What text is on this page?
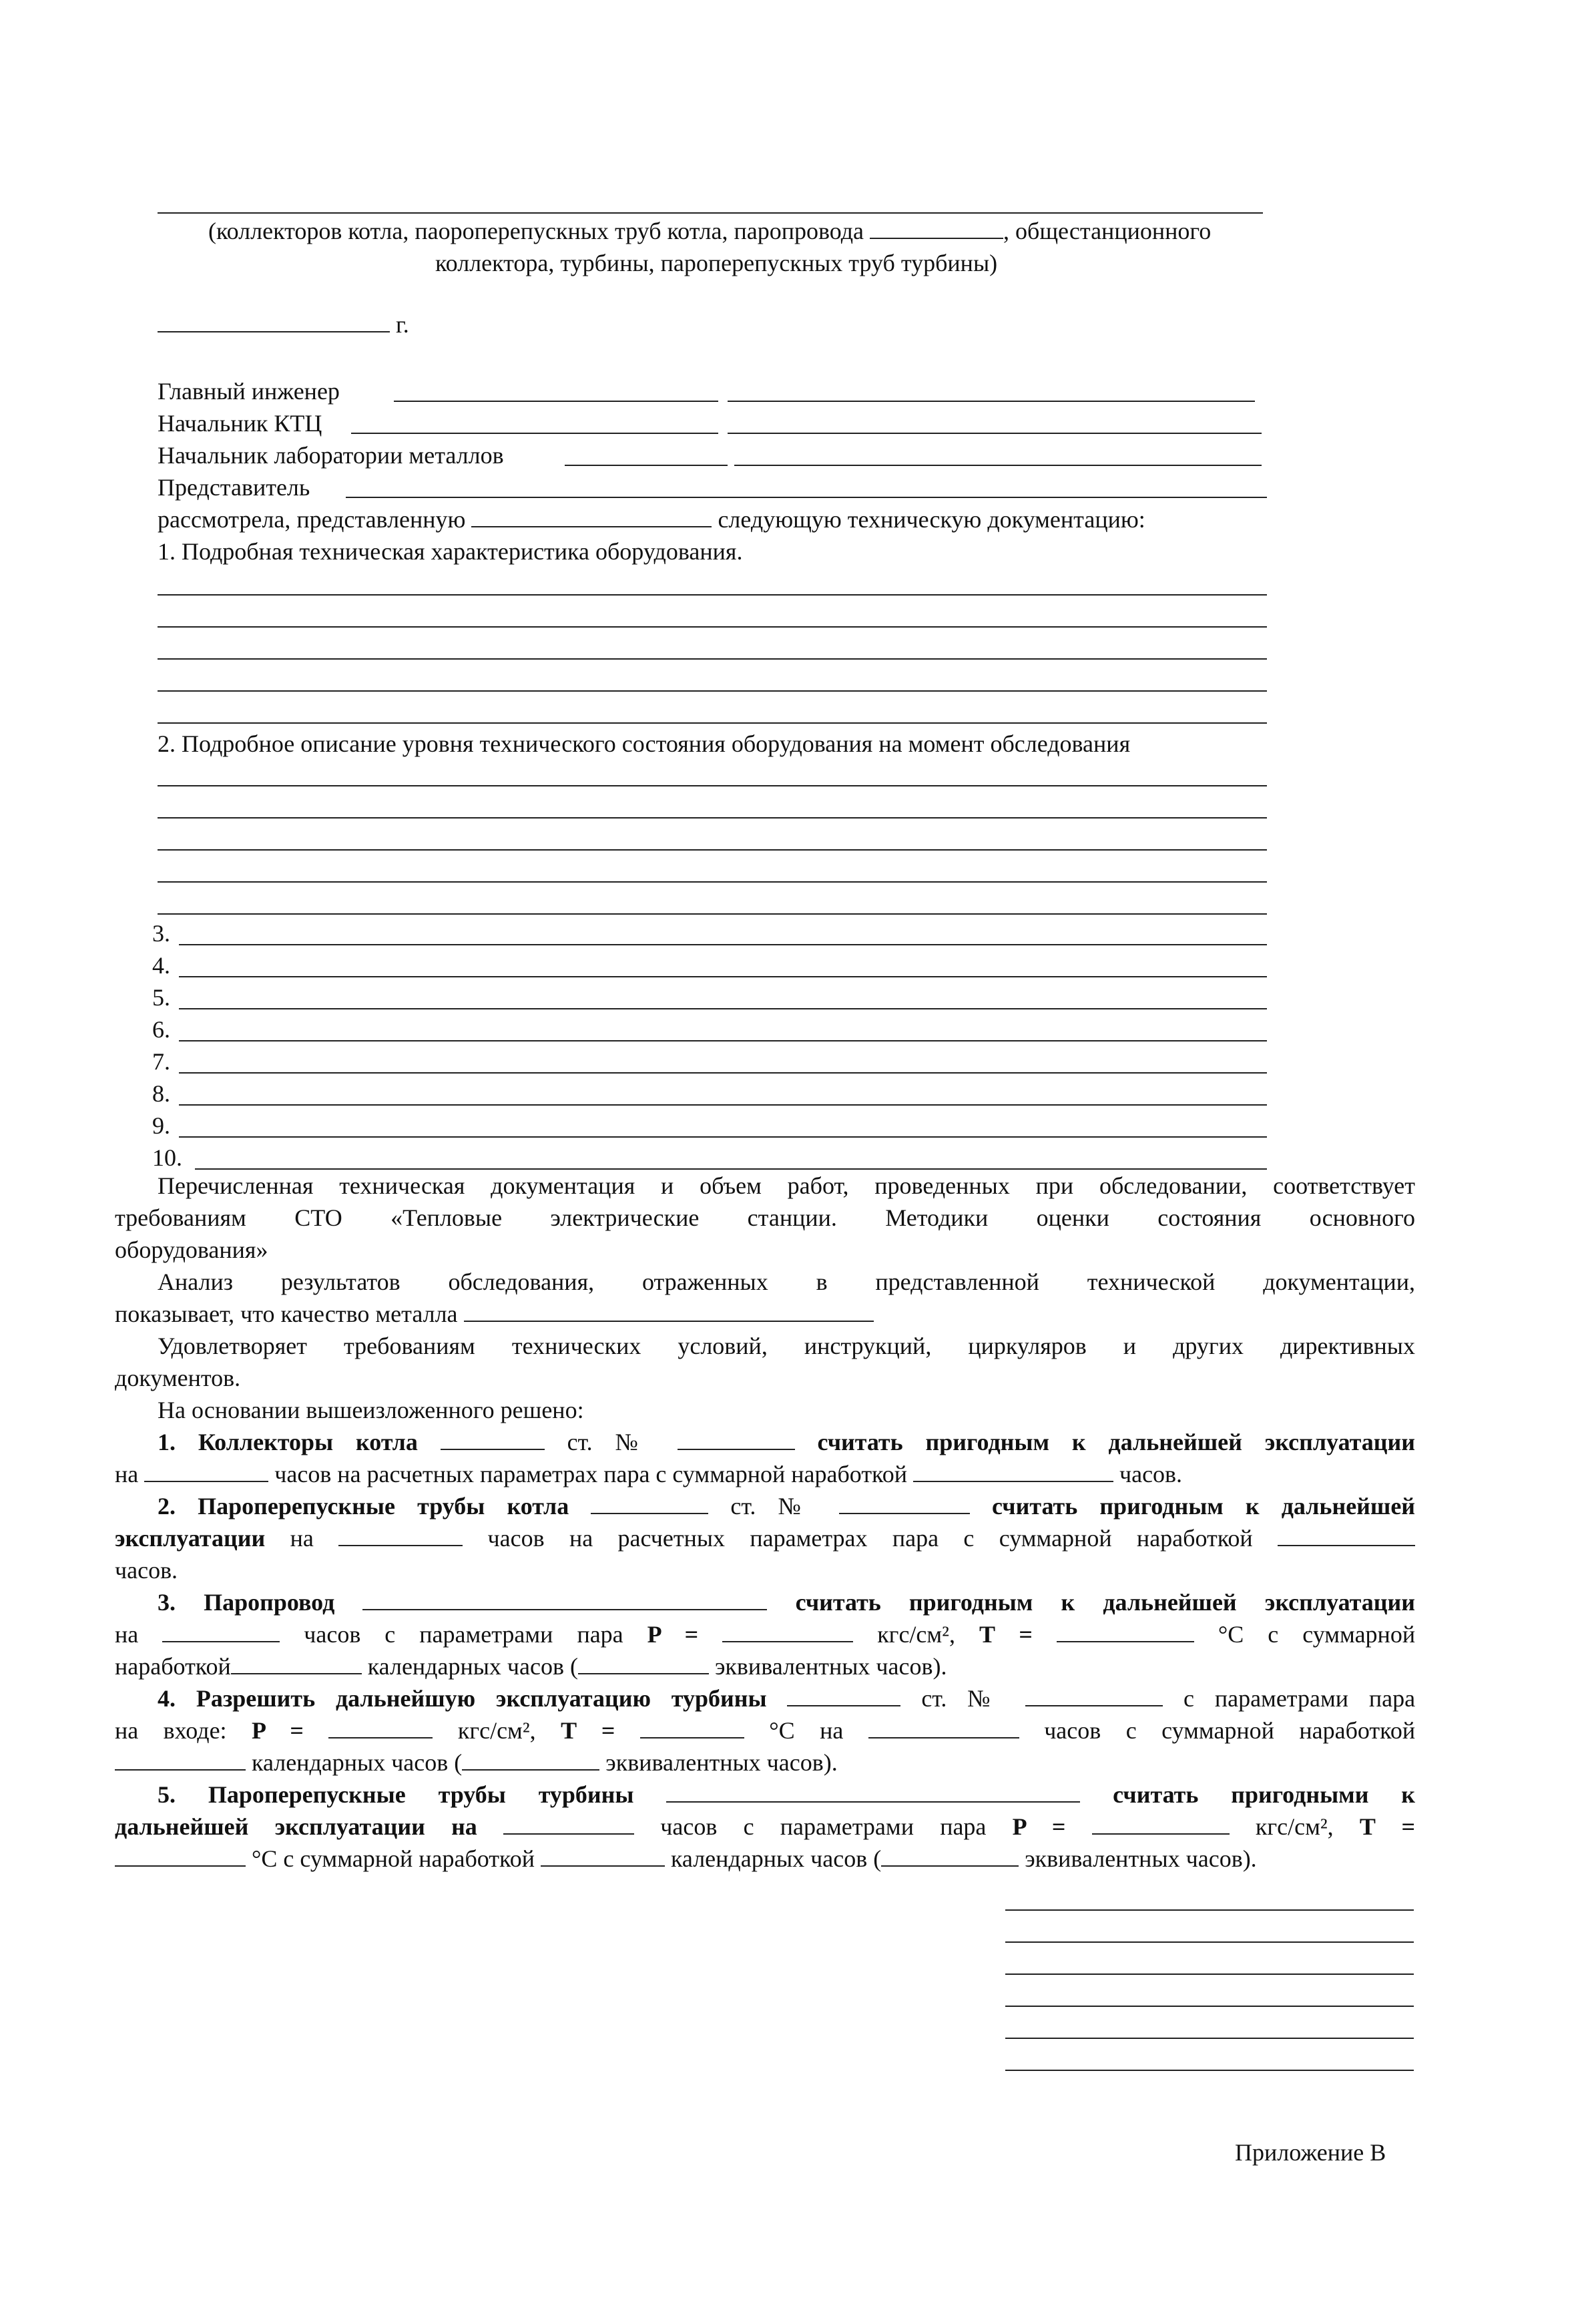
(коллекторов котла, паороперепускных труб котла, паропровода	, общестанционного
коллектора, турбины, пароперепускных труб турбины)
г.
Главный инженер
Начальник КТЦ
Начальник лаборатории металлов
Представитель
рассмотрела, представленную	следующую техническую документацию:
1. Подробная техническая характеристика оборудования.
2. Подробное описание уровня технического состояния оборудования на момент обследования
3.
4.
5.
6.
7.
8.
9.
10.
Перечисленная техническая документация и объем работ, проведенных при обследовании, соответствует
требованиям СТО «Тепловые электрические станции. Методики оценки состояния основного
оборудования»
Анализ результатов обследования, отраженных в представленной технической документации,
показывает, что качество металла
Удовлетворяет требованиям технических условий, инструкций, циркуляров и других директивных
документов.
На основании вышеизложенного решено:
1. Коллекторы котла	ст. №	считать пригодным к дальнейшей эксплуатации
на	часов на расчетных параметрах пара с суммарной наработкой	часов.
2. Пароперепускные трубы котла	ст. №	считать пригодным к дальнейшей
эксплуатации на	часов на расчетных параметрах пара с суммарной наработкой
часов.
3. Паропровод	считать пригодным к дальнейшей эксплуатации
на	часов с параметрами пара P =	кгс/см², T =	°С с суммарной
наработкой	календарных часов (	эквивалентных часов).
4. Разрешить дальнейшую эксплуатацию турбины	ст. №	с параметрами пара
на входе: P =	кгс/см², T =	°С на	часов с суммарной наработкой
календарных часов (	эквивалентных часов).
5. Пароперепускные трубы турбины	считать пригодными к
дальнейшей эксплуатации на	часов с параметрами пара P =	кгс/см², T =
°С с суммарной наработкой	календарных часов (	эквивалентных часов).
Приложение В
